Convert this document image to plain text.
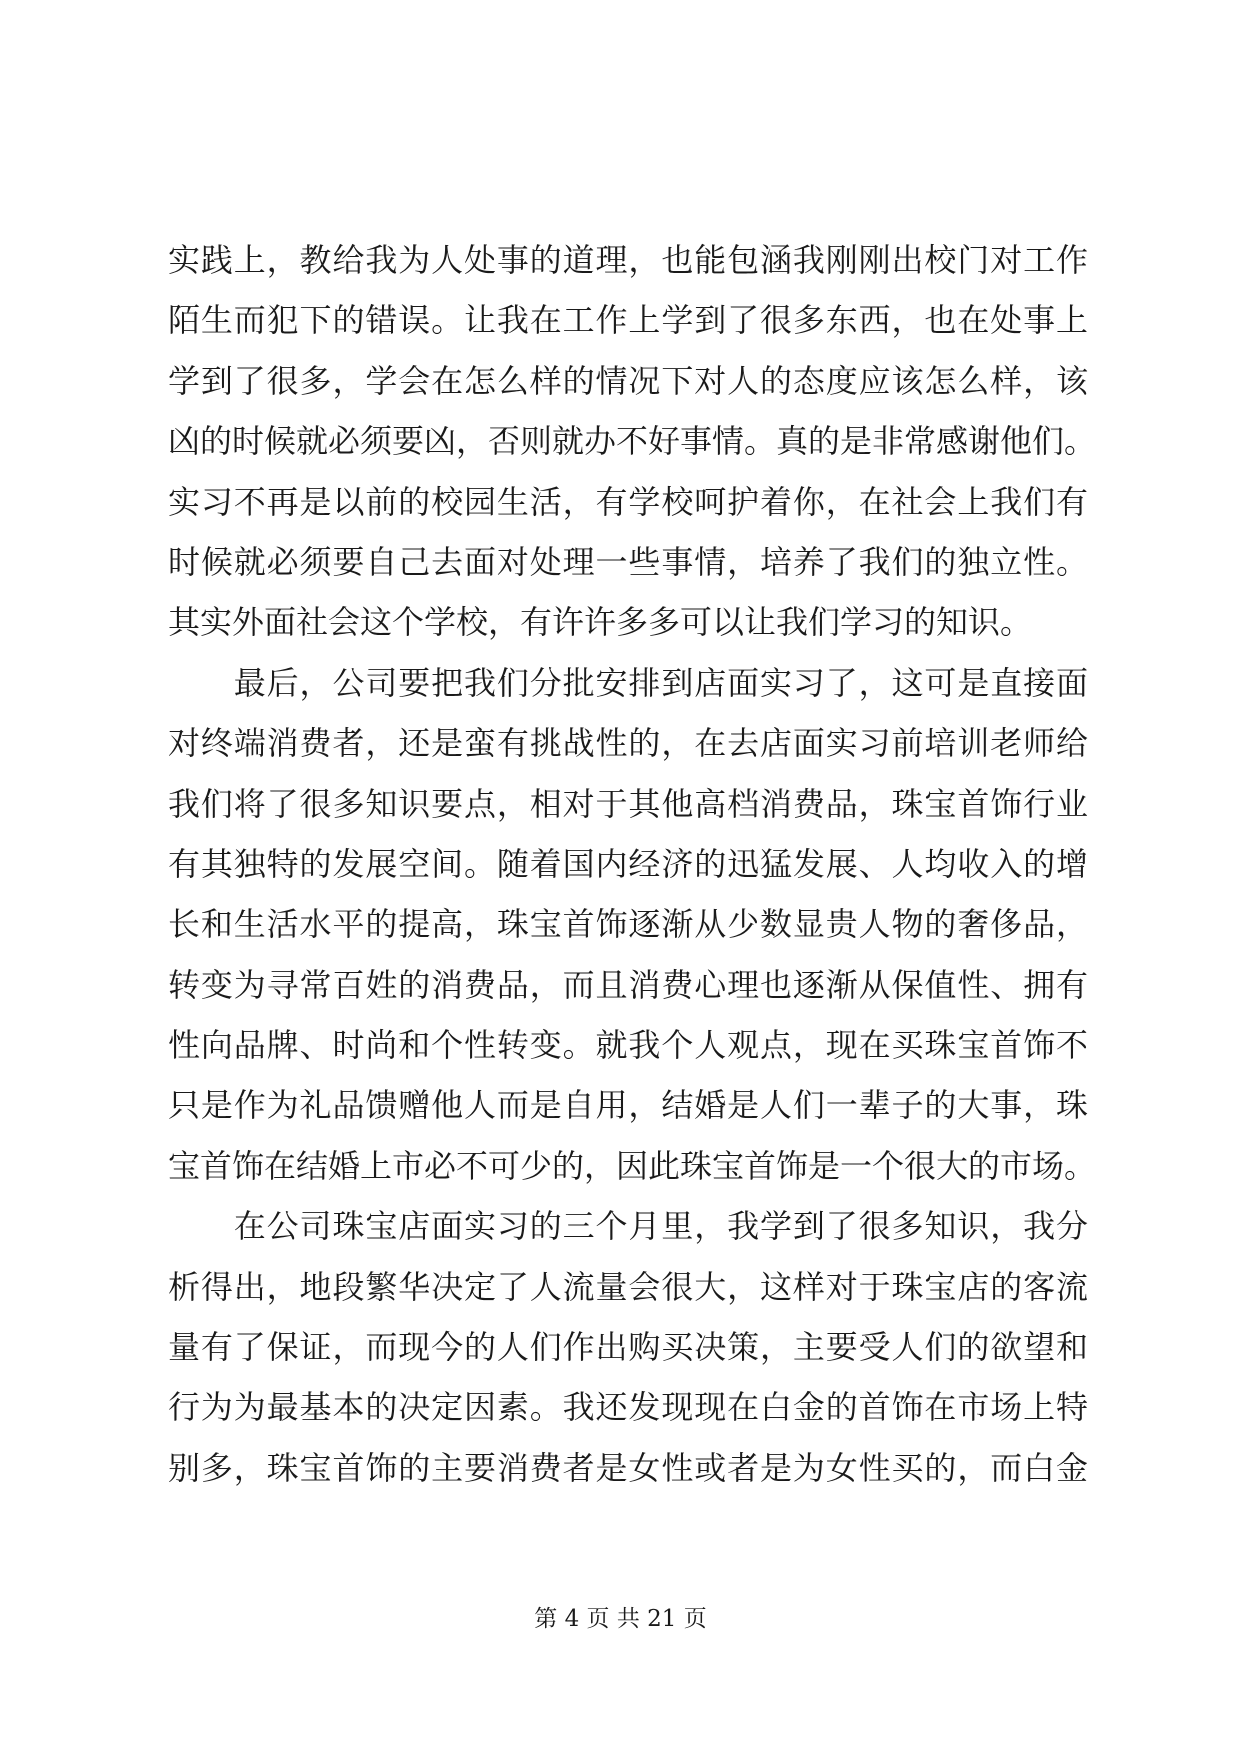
实践上，教给我为人处事的道理，也能包涵我刚刚出校门对工作
陌生而犯下的错误。让我在工作上学到了很多东西，也在处事上
学到了很多，学会在怎么样的情况下对人的态度应该怎么样，该
凶的时候就必须要凶，否则就办不好事情。真的是非常感谢他们。
实习不再是以前的校园生活，有学校呵护着你，在社会上我们有
时候就必须要自己去面对处理一些事情，培养了我们的独立性。
其实外面社会这个学校，有许许多多可以让我们学习的知识。
　　最后，公司要把我们分批安排到店面实习了，这可是直接面
对终端消费者，还是蛮有挑战性的，在去店面实习前培训老师给
我们将了很多知识要点，相对于其他高档消费品，珠宝首饰行业
有其独特的发展空间。随着国内经济的迅猛发展、人均收入的增
长和生活水平的提高，珠宝首饰逐渐从少数显贵人物的奢侈品，
转变为寻常百姓的消费品，而且消费心理也逐渐从保值性、拥有
性向品牌、时尚和个性转变。就我个人观点，现在买珠宝首饰不
只是作为礼品馈赠他人而是自用，结婚是人们一辈子的大事，珠
宝首饰在结婚上市必不可少的，因此珠宝首饰是一个很大的市场。
　　在公司珠宝店面实习的三个月里，我学到了很多知识，我分
析得出，地段繁华决定了人流量会很大，这样对于珠宝店的客流
量有了保证，而现今的人们作出购买决策，主要受人们的欲望和
行为为最基本的决定因素。我还发现现在白金的首饰在市场上特
别多，珠宝首饰的主要消费者是女性或者是为女性买的，而白金
第 4 页 共 21 页
